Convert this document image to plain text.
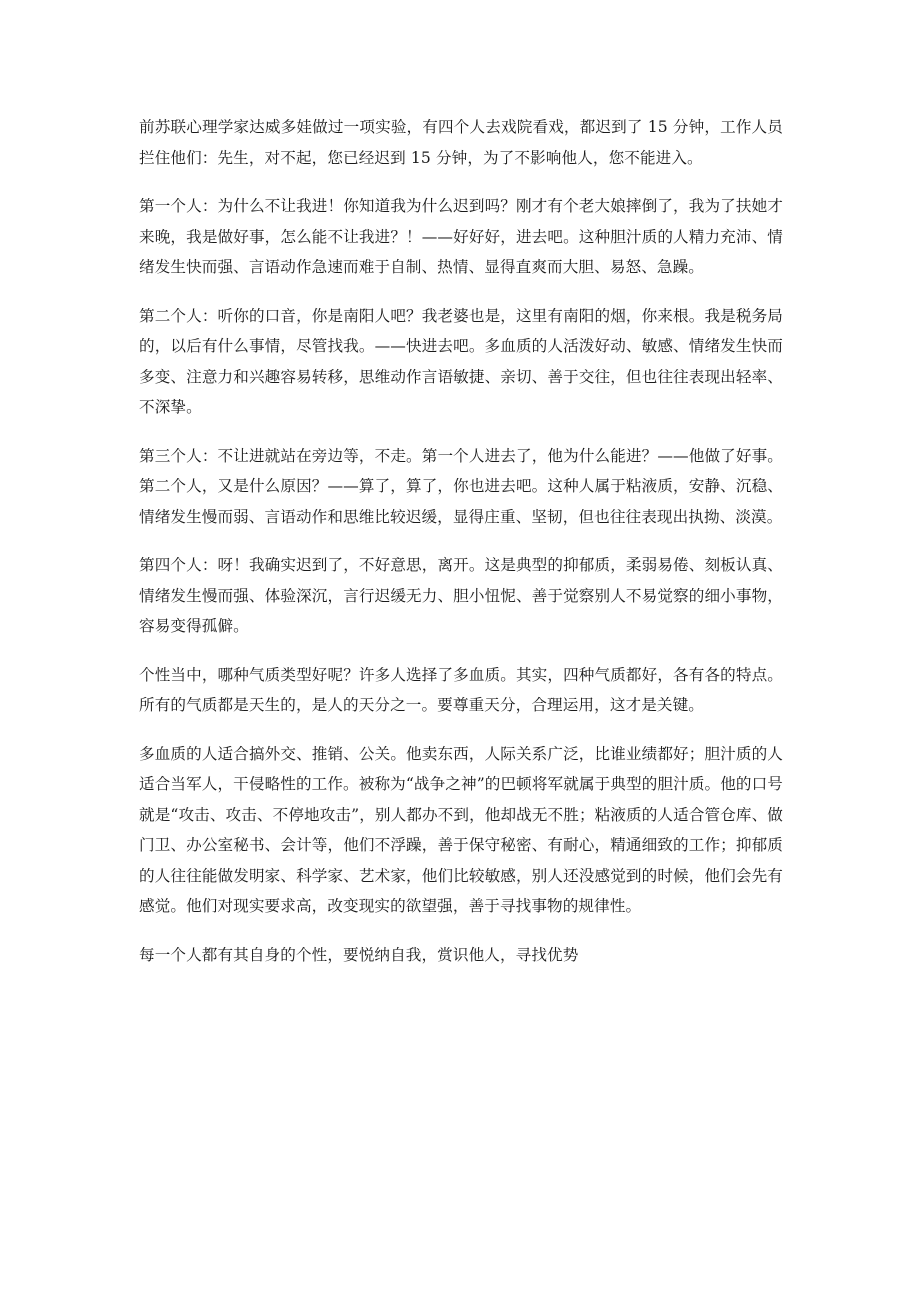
前苏联心理学家达威多娃做过一项实验，有四个人去戏院看戏，都迟到了 15 分钟，工作人员拦住他们：先生，对不起，您已经迟到 15 分钟，为了不影响他人，您不能进入。

第一个人：为什么不让我进！你知道我为什么迟到吗？刚才有个老大娘摔倒了，我为了扶她才来晚，我是做好事，怎么能不让我进？！——好好好，进去吧。这种胆汁质的人精力充沛、情绪发生快而强、言语动作急速而难于自制、热情、显得直爽而大胆、易怒、急躁。

第二个人：听你的口音，你是南阳人吧？我老婆也是，这里有南阳的烟，你来根。我是税务局的，以后有什么事情，尽管找我。——快进去吧。多血质的人活泼好动、敏感、情绪发生快而多变、注意力和兴趣容易转移，思维动作言语敏捷、亲切、善于交往，但也往往表现出轻率、不深挚。

第三个人：不让进就站在旁边等，不走。第一个人进去了，他为什么能进？——他做了好事。第二个人，又是什么原因？——算了，算了，你也进去吧。这种人属于粘液质，安静、沉稳、情绪发生慢而弱、言语动作和思维比较迟缓，显得庄重、坚韧，但也往往表现出执拗、淡漠。

第四个人：呀！我确实迟到了，不好意思，离开。这是典型的抑郁质，柔弱易倦、刻板认真、情绪发生慢而强、体验深沉，言行迟缓无力、胆小忸怩、善于觉察别人不易觉察的细小事物，容易变得孤僻。

个性当中，哪种气质类型好呢？许多人选择了多血质。其实，四种气质都好，各有各的特点。所有的气质都是天生的，是人的天分之一。要尊重天分，合理运用，这才是关键。

多血质的人适合搞外交、推销、公关。他卖东西，人际关系广泛，比谁业绩都好；胆汁质的人适合当军人，干侵略性的工作。被称为“战争之神”的巴顿将军就属于典型的胆汁质。他的口号就是“攻击、攻击、不停地攻击”，别人都办不到，他却战无不胜；粘液质的人适合管仓库、做门卫、办公室秘书、会计等，他们不浮躁，善于保守秘密、有耐心，精通细致的工作；抑郁质的人往往能做发明家、科学家、艺术家，他们比较敏感，别人还没感觉到的时候，他们会先有感觉。他们对现实要求高，改变现实的欲望强，善于寻找事物的规律性。

每一个人都有其自身的个性，要悦纳自我，赏识他人，寻找优势
